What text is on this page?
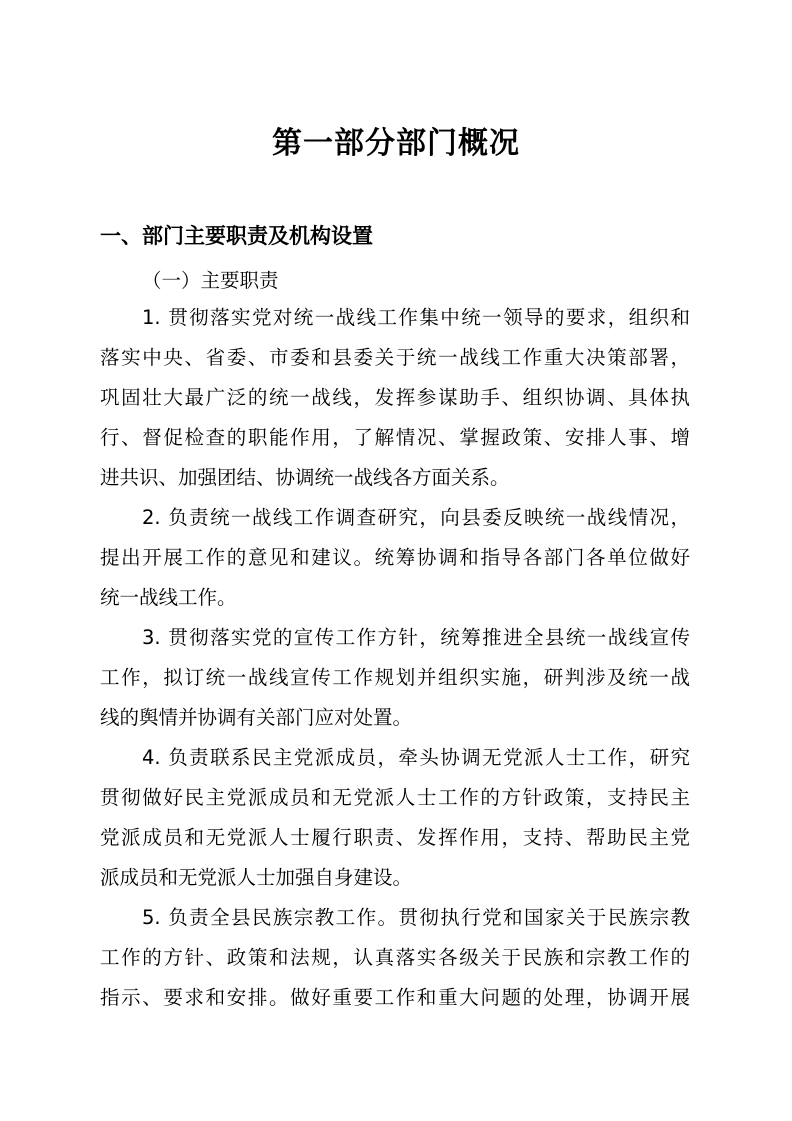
第一部分部门概况
一、部门主要职责及机构设置
（一）主要职责
1. 贯彻落实党对统一战线工作集中统一领导的要求，组织和
落实中央、省委、市委和县委关于统一战线工作重大决策部署，
巩固壮大最广泛的统一战线，发挥参谋助手、组织协调、具体执
行、督促检查的职能作用，了解情况、掌握政策、安排人事、增
进共识、加强团结、协调统一战线各方面关系。
2. 负责统一战线工作调查研究，向县委反映统一战线情况，
提出开展工作的意见和建议。统筹协调和指导各部门各单位做好
统一战线工作。
3. 贯彻落实党的宣传工作方针，统筹推进全县统一战线宣传
工作，拟订统一战线宣传工作规划并组织实施，研判涉及统一战
线的舆情并协调有关部门应对处置。
4. 负责联系民主党派成员，牵头协调无党派人士工作，研究
贯彻做好民主党派成员和无党派人士工作的方针政策，支持民主
党派成员和无党派人士履行职责、发挥作用，支持、帮助民主党
派成员和无党派人士加强自身建设。
5. 负责全县民族宗教工作。贯彻执行党和国家关于民族宗教
工作的方针、政策和法规，认真落实各级关于民族和宗教工作的
指示、要求和安排。做好重要工作和重大问题的处理，协调开展
